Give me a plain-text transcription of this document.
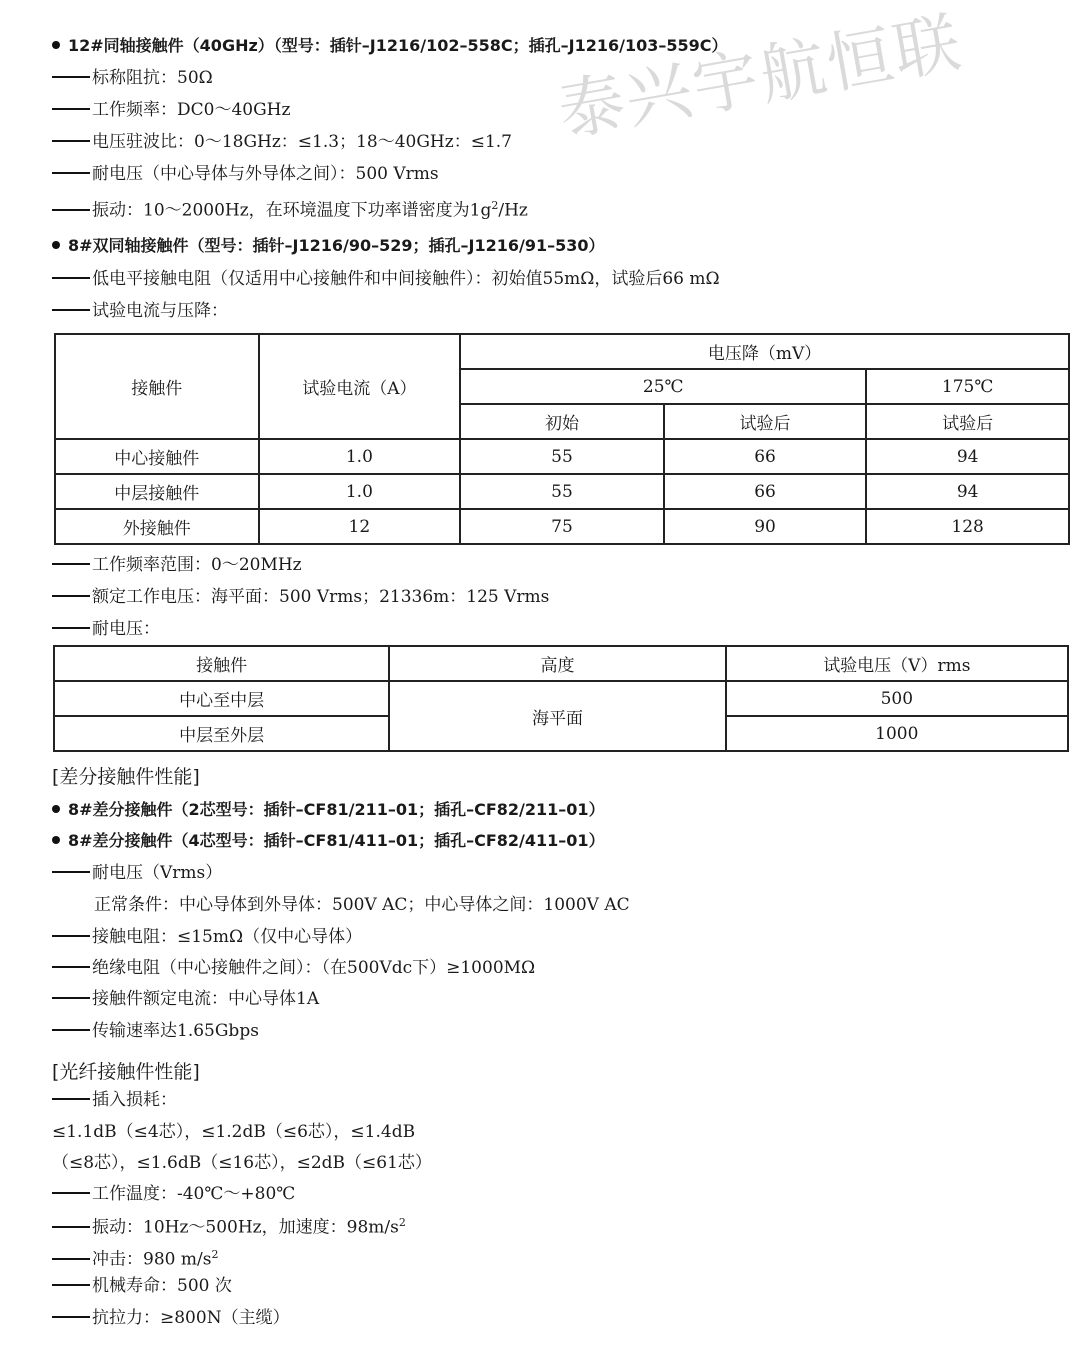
泰兴宇航恒联
12#同轴接触件（40GHz）（型号：插针–J1216/102–558C；插孔–J1216/103–559C）
标称阻抗：50Ω
工作频率：DC0～40GHz
电压驻波比：0～18GHz：≤1.3；18～40GHz：≤1.7
耐电压（中心导体与外导体之间）：500 Vrms
振动：10～2000Hz，在环境温度下功率谱密度为$1g^2/Hz$
8#双同轴接触件（型号：插针–J1216/90–529；插孔–J1216/91–530）
低电平接触电阻（仅适用中心接触件和中间接触件）：初始值55mΩ，试验后66 mΩ
试验电流与压降：
接触件	试验电流（A）	电压降（mV）		
		25℃		175℃
		初始	试验后	试验后
中心接触件	1.0	55	66	94
中层接触件	1.0	55	66	94
外接触件	12	75	90	128
工作频率范围：0～20MHz
额定工作电压：海平面：500 Vrms；21336m：125 Vrms
耐电压：
接触件	高度	试验电压（V）rms
中心至中层	海平面	500
中层至外层		1000
[差分接触件性能]
8#差分接触件（2芯型号：插针–CF81/211–01；插孔–CF82/211–01）
8#差分接触件（4芯型号：插针–CF81/411–01；插孔–CF82/411–01）
耐电压（Vrms）
正常条件：中心导体到外导体：500V AC；中心导体之间：1000V AC
接触电阻：≤15mΩ（仅中心导体）
绝缘电阻（中心接触件之间）：（在500Vdc下）≥1000MΩ
接触件额定电流：中心导体1A
传输速率达1.65Gbps
[光纤接触件性能]
插入损耗：
≤1.1dB（≤4芯），≤1.2dB（≤6芯），≤1.4dB
（≤8芯），≤1.6dB（≤16芯），≤2dB（≤61芯）
工作温度：-40℃～+80℃
振动：10Hz～500Hz，加速度：$98m/s^2$
冲击：980 $m/s^2$
机械寿命：500 次
抗拉力：≥800N（主缆）
